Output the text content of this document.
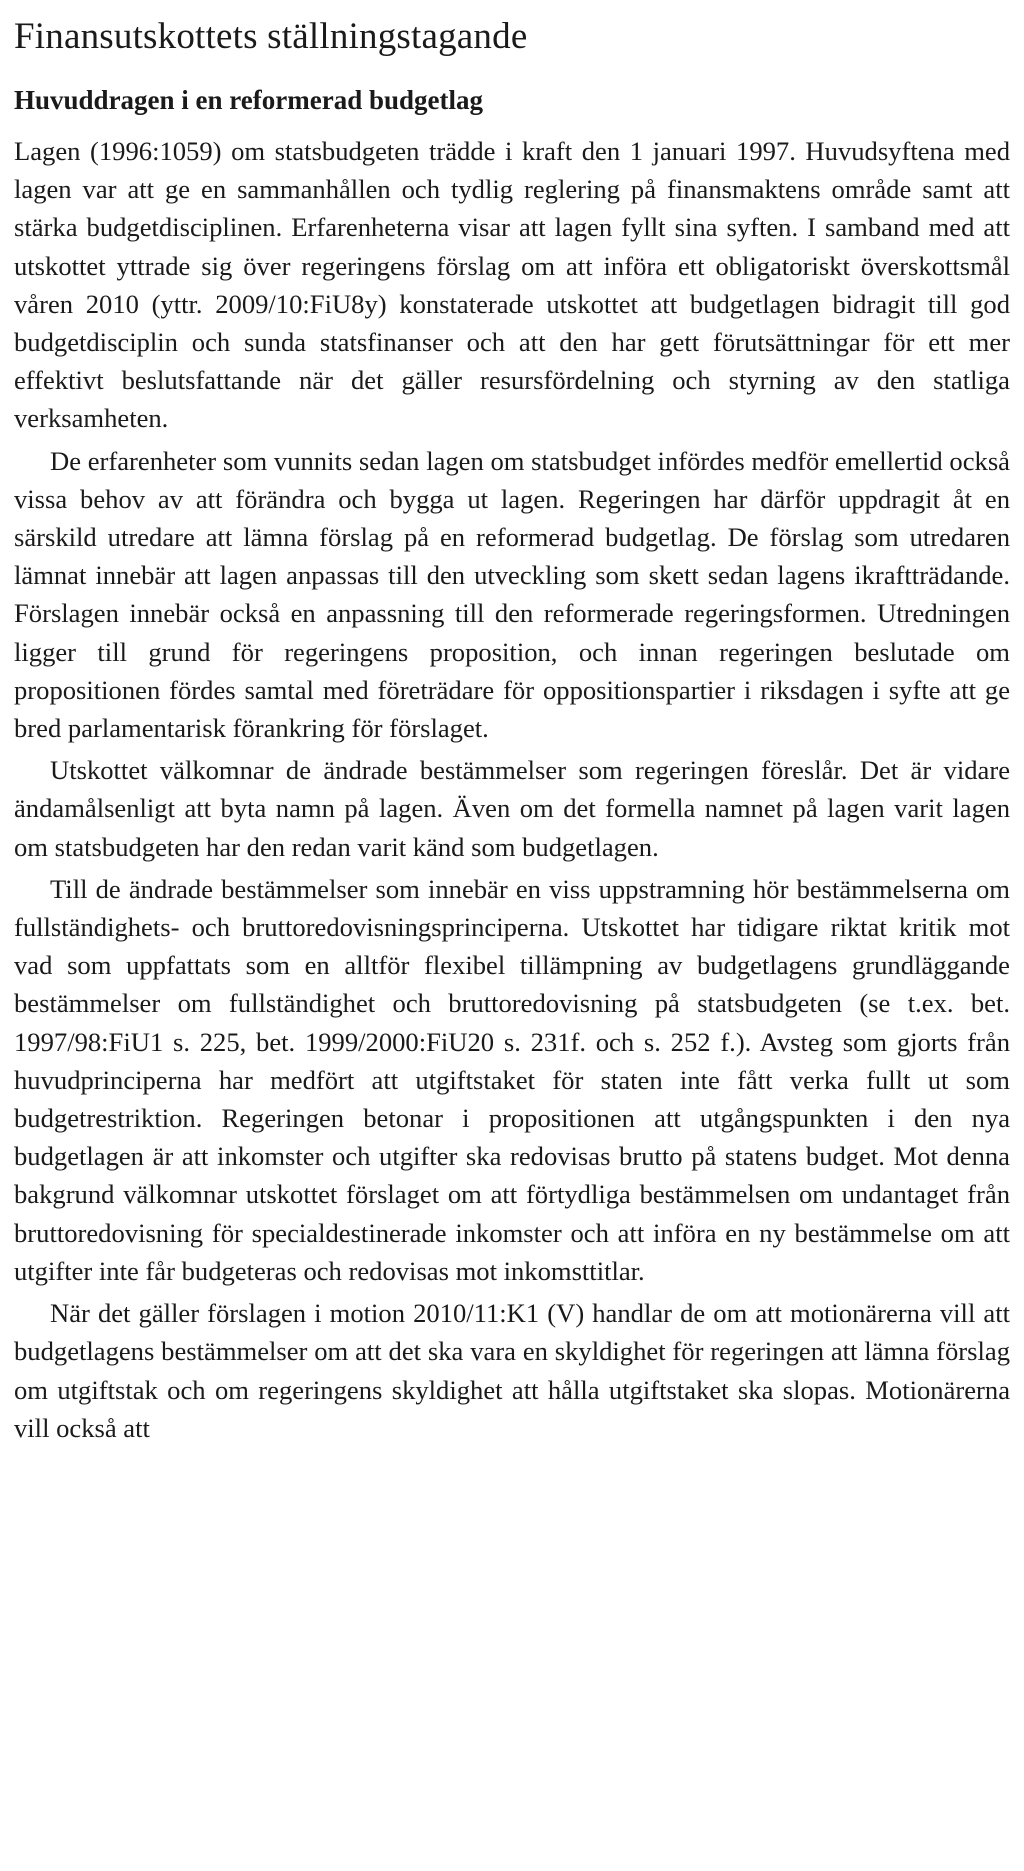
Finansutskottets ställningstagande
Huvuddragen i en reformerad budgetlag

Lagen (1996:1059) om statsbudgeten trädde i kraft den 1 januari 1997. Huvudsyftena med lagen var att ge en sammanhållen och tydlig reglering på finansmaktens område samt att stärka budgetdisciplinen. Erfarenheterna visar att lagen fyllt sina syften. I samband med att utskottet yttrade sig över regeringens förslag om att införa ett obligatoriskt överskottsmål våren 2010 (yttr. 2009/10:FiU8y) konstaterade utskottet att budgetlagen bidragit till god budgetdisciplin och sunda statsfinanser och att den har gett förutsättningar för ett mer effektivt beslutsfattande när det gäller resursfördelning och styrning av den statliga verksamheten.

De erfarenheter som vunnits sedan lagen om statsbudget infördes medför emellertid också vissa behov av att förändra och bygga ut lagen. Regeringen har därför uppdragit åt en särskild utredare att lämna förslag på en reformerad budgetlag. De förslag som utredaren lämnat innebär att lagen anpassas till den utveckling som skett sedan lagens ikraftträdande. Förslagen innebär också en anpassning till den reformerade regeringsformen. Utredningen ligger till grund för regeringens proposition, och innan regeringen beslutade om propositionen fördes samtal med företrädare för oppositionspartier i riksdagen i syfte att ge bred parlamentarisk förankring för förslaget.

Utskottet välkomnar de ändrade bestämmelser som regeringen föreslår. Det är vidare ändamålsenligt att byta namn på lagen. Även om det formella namnet på lagen varit lagen om statsbudgeten har den redan varit känd som budgetlagen.

Till de ändrade bestämmelser som innebär en viss uppstramning hör bestämmelserna om fullständighets- och bruttoredovisningsprinciperna. Utskottet har tidigare riktat kritik mot vad som uppfattats som en alltför flexibel tillämpning av budgetlagens grundläggande bestämmelser om fullständighet och bruttoredovisning på statsbudgeten (se t.ex. bet. 1997/98:FiU1 s. 225, bet. 1999/2000:FiU20 s. 231f. och s. 252 f.). Avsteg som gjorts från huvudprinciperna har medfört att utgiftstaket för staten inte fått verka fullt ut som budgetrestriktion. Regeringen betonar i propositionen att utgångspunkten i den nya budgetlagen är att inkomster och utgifter ska redovisas brutto på statens budget. Mot denna bakgrund välkomnar utskottet förslaget om att förtydliga bestämmelsen om undantaget från bruttoredovisning för specialdestinerade inkomster och att införa en ny bestämmelse om att utgifter inte får budgeteras och redovisas mot inkomsttitlar.

När det gäller förslagen i motion 2010/11:K1 (V) handlar de om att motionärerna vill att budgetlagens bestämmelser om att det ska vara en skyldighet för regeringen att lämna förslag om utgiftstak och om regeringens skyldighet att hålla utgiftstaket ska slopas. Motionärerna vill också att
